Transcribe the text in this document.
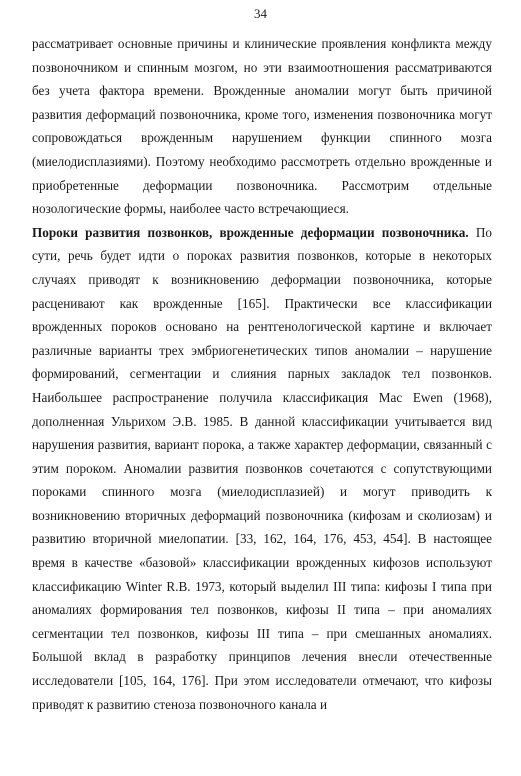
34

рассматривает основные причины и клинические проявления конфликта между позвоночником и спинным мозгом, но эти взаимоотношения рассматриваются без учета фактора времени. Врожденные аномалии могут быть причиной развития деформаций позвоночника, кроме того, изменения позвоночника могут сопровождаться врожденным нарушением функции спинного мозга (миелодисплазиями). Поэтому необходимо рассмотреть отдельно врожденные и приобретенные деформации позвоночника. Рассмотрим отдельные нозологические формы, наиболее часто встречающиеся.

Пороки развития позвонков, врожденные деформации позвоночника. По сути, речь будет идти о пороках развития позвонков, которые в некоторых случаях приводят к возникновению деформации позвоночника, которые расценивают как врожденные [165]. Практически все классификации врожденных пороков основано на рентгенологической картине и включает различные варианты трех эмбриогенетических типов аномалии – нарушение формирований, сегментации и слияния парных закладок тел позвонков. Наибольшее распространение получила классификация Mac Ewen (1968), дополненная Ульрихом Э.В. 1985. В данной классификации учитывается вид нарушения развития, вариант порока, а также характер деформации, связанный с этим пороком. Аномалии развития позвонков сочетаются с сопутствующими пороками спинного мозга (миелодисплазией) и могут приводить к возникновению вторичных деформаций позвоночника (кифозам и сколиозам) и развитию вторичной миелопатии. [33, 162, 164, 176, 453, 454]. В настоящее время в качестве «базовой» классификации врожденных кифозов используют классификацию Winter R.B. 1973, который выделил III типа: кифозы I типа при аномалиях формирования тел позвонков, кифозы II типа – при аномалиях сегментации тел позвонков, кифозы III типа – при смешанных аномалиях. Большой вклад в разработку принципов лечения внесли отечественные исследователи [105, 164, 176]. При этом исследователи отмечают, что кифозы приводят к развитию стеноза позвоночного канала и
